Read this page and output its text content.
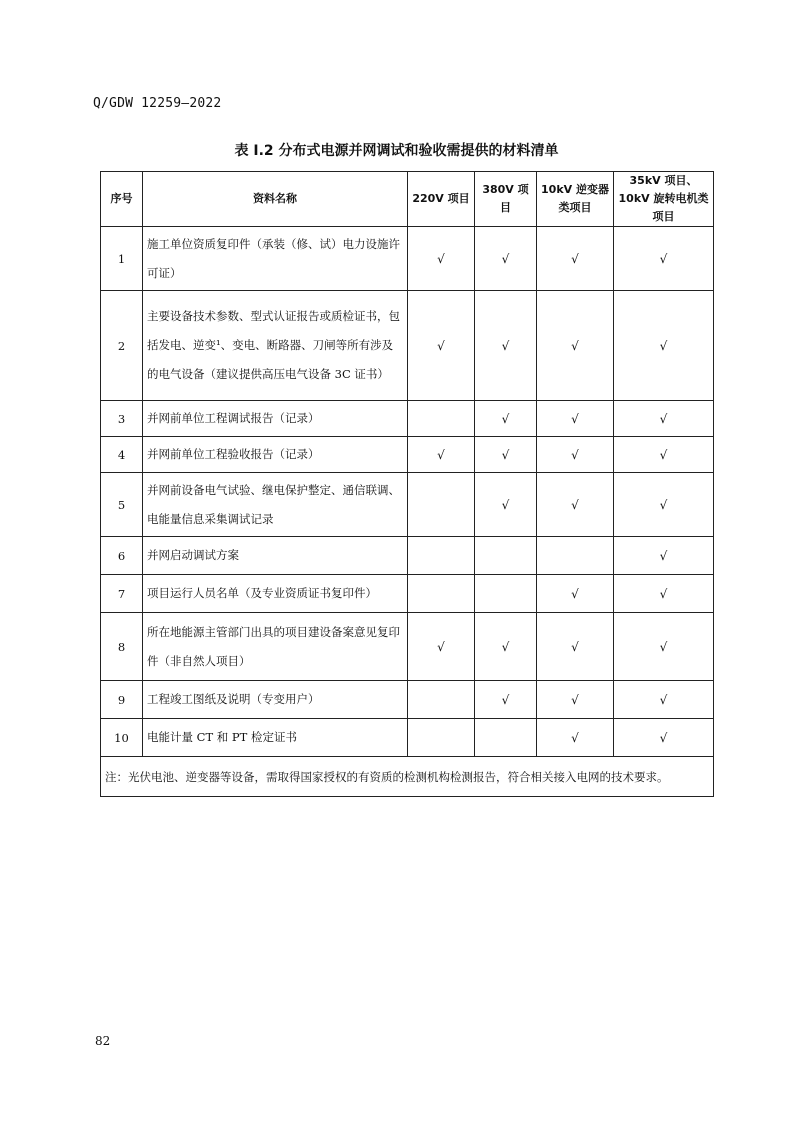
Q/GDW 12259—2022
表 I.2 分布式电源并网调试和验收需提供的材料清单
序号	资料名称	220V 项目	380V 项目	10kV 逆变器类项目	35kV 项目、10kV 旋转电机类项目
1	施工单位资质复印件（承装（修、试）电力设施许可证）	√	√	√	√
2	主要设备技术参数、型式认证报告或质检证书，包括发电、逆变¹、变电、断路器、刀闸等所有涉及的电气设备（建议提供高压电气设备 3C 证书）	√	√	√	√
3	并网前单位工程调试报告（记录）		√	√	√
4	并网前单位工程验收报告（记录）	√	√	√	√
5	并网前设备电气试验、继电保护整定、通信联调、电能量信息采集调试记录		√	√	√
6	并网启动调试方案				√
7	项目运行人员名单（及专业资质证书复印件）			√	√
8	所在地能源主管部门出具的项目建设备案意见复印件（非自然人项目）	√	√	√	√
9	工程竣工图纸及说明（专变用户）		√	√	√
10	电能计量 CT 和 PT 检定证书			√	√
注：光伏电池、逆变器等设备，需取得国家授权的有资质的检测机构检测报告，符合相关接入电网的技术要求。					
82
